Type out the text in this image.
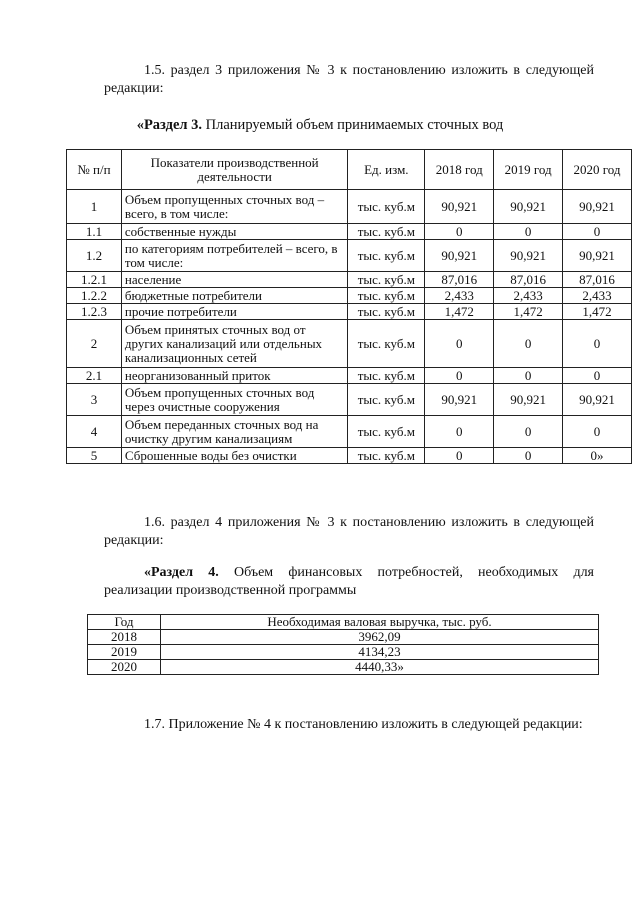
1.5. раздел 3 приложения № 3 к постановлению изложить в следующей редакции:

«Раздел 3. Планируемый объем принимаемых сточных вод
№ п/п	Показатели производственной деятельности	Ед. изм.	2018 год	2019 год	2020 год
1	Объем пропущенных сточных вод – всего, в том числе:	тыс. куб.м	90,921	90,921	90,921
1.1	собственные нужды	тыс. куб.м	0	0	0
1.2	по категориям потребителей – всего, в том числе:	тыс. куб.м	90,921	90,921	90,921
1.2.1	население	тыс. куб.м	87,016	87,016	87,016
1.2.2	бюджетные потребители	тыс. куб.м	2,433	2,433	2,433
1.2.3	прочие потребители	тыс. куб.м	1,472	1,472	1,472
2	Объем принятых сточных вод от других канализаций или отдельных канализационных сетей	тыс. куб.м	0	0	0
2.1	неорганизованный приток	тыс. куб.м	0	0	0
3	Объем пропущенных сточных вод через очистные сооружения	тыс. куб.м	90,921	90,921	90,921
4	Объем переданных сточных вод на очистку другим канализациям	тыс. куб.м	0	0	0
5	Сброшенные воды без очистки	тыс. куб.м	0	0	0»

1.6. раздел 4 приложения № 3 к постановлению изложить в следующей редакции:

«Раздел 4. Объем финансовых потребностей, необходимых для реализации производственной программы

Год	Необходимая валовая выручка, тыс. руб.
2018	3962,09
2019	4134,23
2020	4440,33»

1.7. Приложение № 4 к постановлению изложить в следующей редакции:
